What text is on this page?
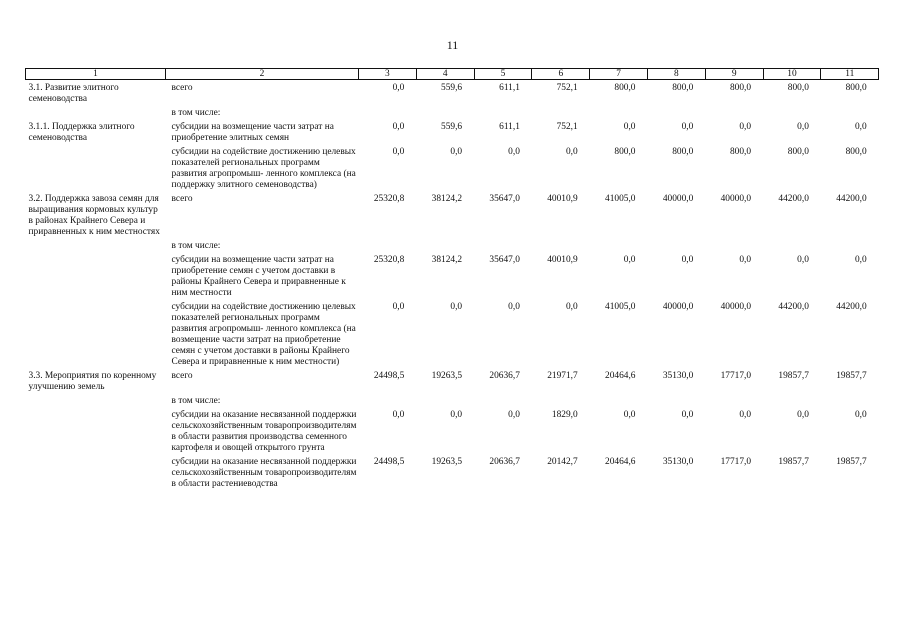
11
1	2	3	4	5	6	7	8	9	10	11
3.1. Развитие элитного семеноводства	всего	0,0	559,6	611,1	752,1	800,0	800,0	800,0	800,0	800,0
	в том числе:									
3.1.1. Поддержка элитного семеноводства	субсидии на возмещение части затрат на приобретение элитных семян	0,0	559,6	611,1	752,1	0,0	0,0	0,0	0,0	0,0
	субсидии на содействие достижению целевых показателей региональных программ развития агропромыш- ленного комплекса (на поддержку элитного семеноводства)	0,0	0,0	0,0	0,0	800,0	800,0	800,0	800,0	800,0
3.2. Поддержка завоза семян для выращивания кормовых культур в районах Крайнего Севера и приравненных к ним местностях	всего	25320,8	38124,2	35647,0	40010,9	41005,0	40000,0	40000,0	44200,0	44200,0
	в том числе:									
	субсидии на возмещение части затрат на приобретение семян с учетом доставки в районы Крайнего Севера и приравненные к ним местности	25320,8	38124,2	35647,0	40010,9	0,0	0,0	0,0	0,0	0,0
	субсидии на содействие достижению целевых показателей региональных программ развития агропромыш- ленного комплекса (на возмещение части затрат на приобретение семян с учетом доставки в районы Крайнего Севера и приравненные к ним местности)	0,0	0,0	0,0	0,0	41005,0	40000,0	40000,0	44200,0	44200,0
3.3. Мероприятия по коренному улучшению земель	всего	24498,5	19263,5	20636,7	21971,7	20464,6	35130,0	17717,0	19857,7	19857,7
	в том числе:									
	субсидии на оказание несвязанной поддержки сельскохозяйственным товаропроизводителям в области развития производства семенного картофеля и овощей открытого грунта	0,0	0,0	0,0	1829,0	0,0	0,0	0,0	0,0	0,0
	субсидии на оказание несвязанной поддержки сельскохозяйственным товаропроизводителям в области растениеводства	24498,5	19263,5	20636,7	20142,7	20464,6	35130,0	17717,0	19857,7	19857,7
